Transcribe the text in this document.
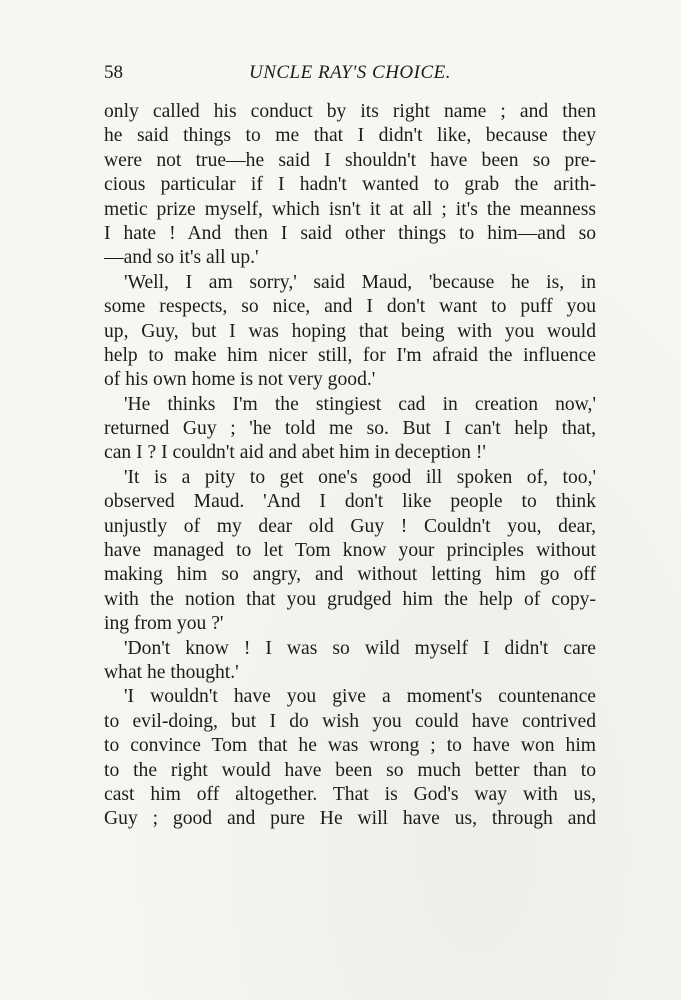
58	UNCLE RAY'S CHOICE.
only called his conduct by its right name ; and then
he said things to me that I didn't like, because they
were not true—he said I shouldn't have been so pre-
cious particular if I hadn't wanted to grab the arith-
metic prize myself, which isn't it at all ; it's the meanness
I hate ! And then I said other things to him—and so
—and so it's all up.'
'Well, I am sorry,' said Maud, 'because he is, in
some respects, so nice, and I don't want to puff you
up, Guy, but I was hoping that being with you would
help to make him nicer still, for I'm afraid the influence
of his own home is not very good.'
'He thinks I'm the stingiest cad in creation now,'
returned Guy ; 'he told me so. But I can't help that,
can I ? I couldn't aid and abet him in deception !'
'It is a pity to get one's good ill spoken of, too,'
observed Maud. 'And I don't like people to think
unjustly of my dear old Guy ! Couldn't you, dear,
have managed to let Tom know your principles without
making him so angry, and without letting him go off
with the notion that you grudged him the help of copy-
ing from you ?'
'Don't know ! I was so wild myself I didn't care
what he thought.'
'I wouldn't have you give a moment's countenance
to evil-doing, but I do wish you could have contrived
to convince Tom that he was wrong ; to have won him
to the right would have been so much better than to
cast him off altogether. That is God's way with us,
Guy ; good and pure He will have us, through and
